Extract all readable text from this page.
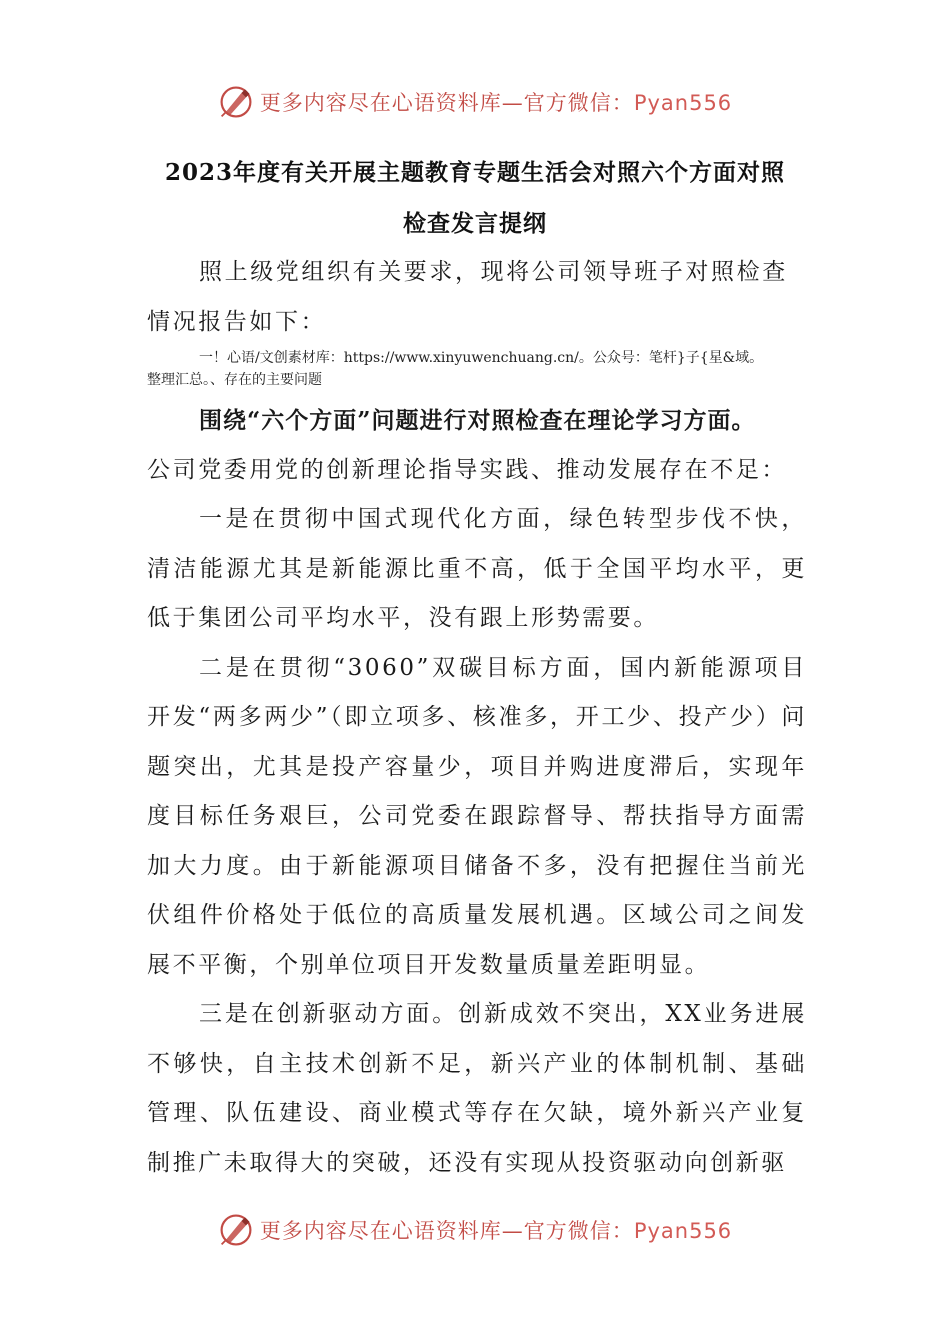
更多内容尽在心语资料库—官方微信：Pyan556
2023年度有关开展主题教育专题生活会对照六个方面对照
检查发言提纲

照上级党组织有关要求，现将公司领导班子对照检查

情况报告如下：

一！心语/文创素材库：https://www.xinyuwenchuang.cn/。公众号：笔杆}子{星&域。

整理汇总。、存在的主要问题

围绕“六个方面”问题进行对照检查在理论学习方面。

公司党委用党的创新理论指导实践、推动发展存在不足：

一是在贯彻中国式现代化方面，绿色转型步伐不快，清洁能源尤其是新能源比重不高，低于全国平均水平，更低于集团公司平均水平，没有跟上形势需要。

二是在贯彻“3060”双碳目标方面，国内新能源项目开发“两多两少”（即立项多、核准多，开工少、投产少）问题突出，尤其是投产容量少，项目并购进度滞后，实现年度目标任务艰巨，公司党委在跟踪督导、帮扶指导方面需加大力度。由于新能源项目储备不多，没有把握住当前光伏组件价格处于低位的高质量发展机遇。区域公司之间发展不平衡，个别单位项目开发数量质量差距明显。

三是在创新驱动方面。创新成效不突出，XX业务进展不够快，自主技术创新不足，新兴产业的体制机制、基础管理、队伍建设、商业模式等存在欠缺，境外新兴产业复制推广未取得大的突破，还没有实现从投资驱动向创新驱

更多内容尽在心语资料库—官方微信：Pyan556
